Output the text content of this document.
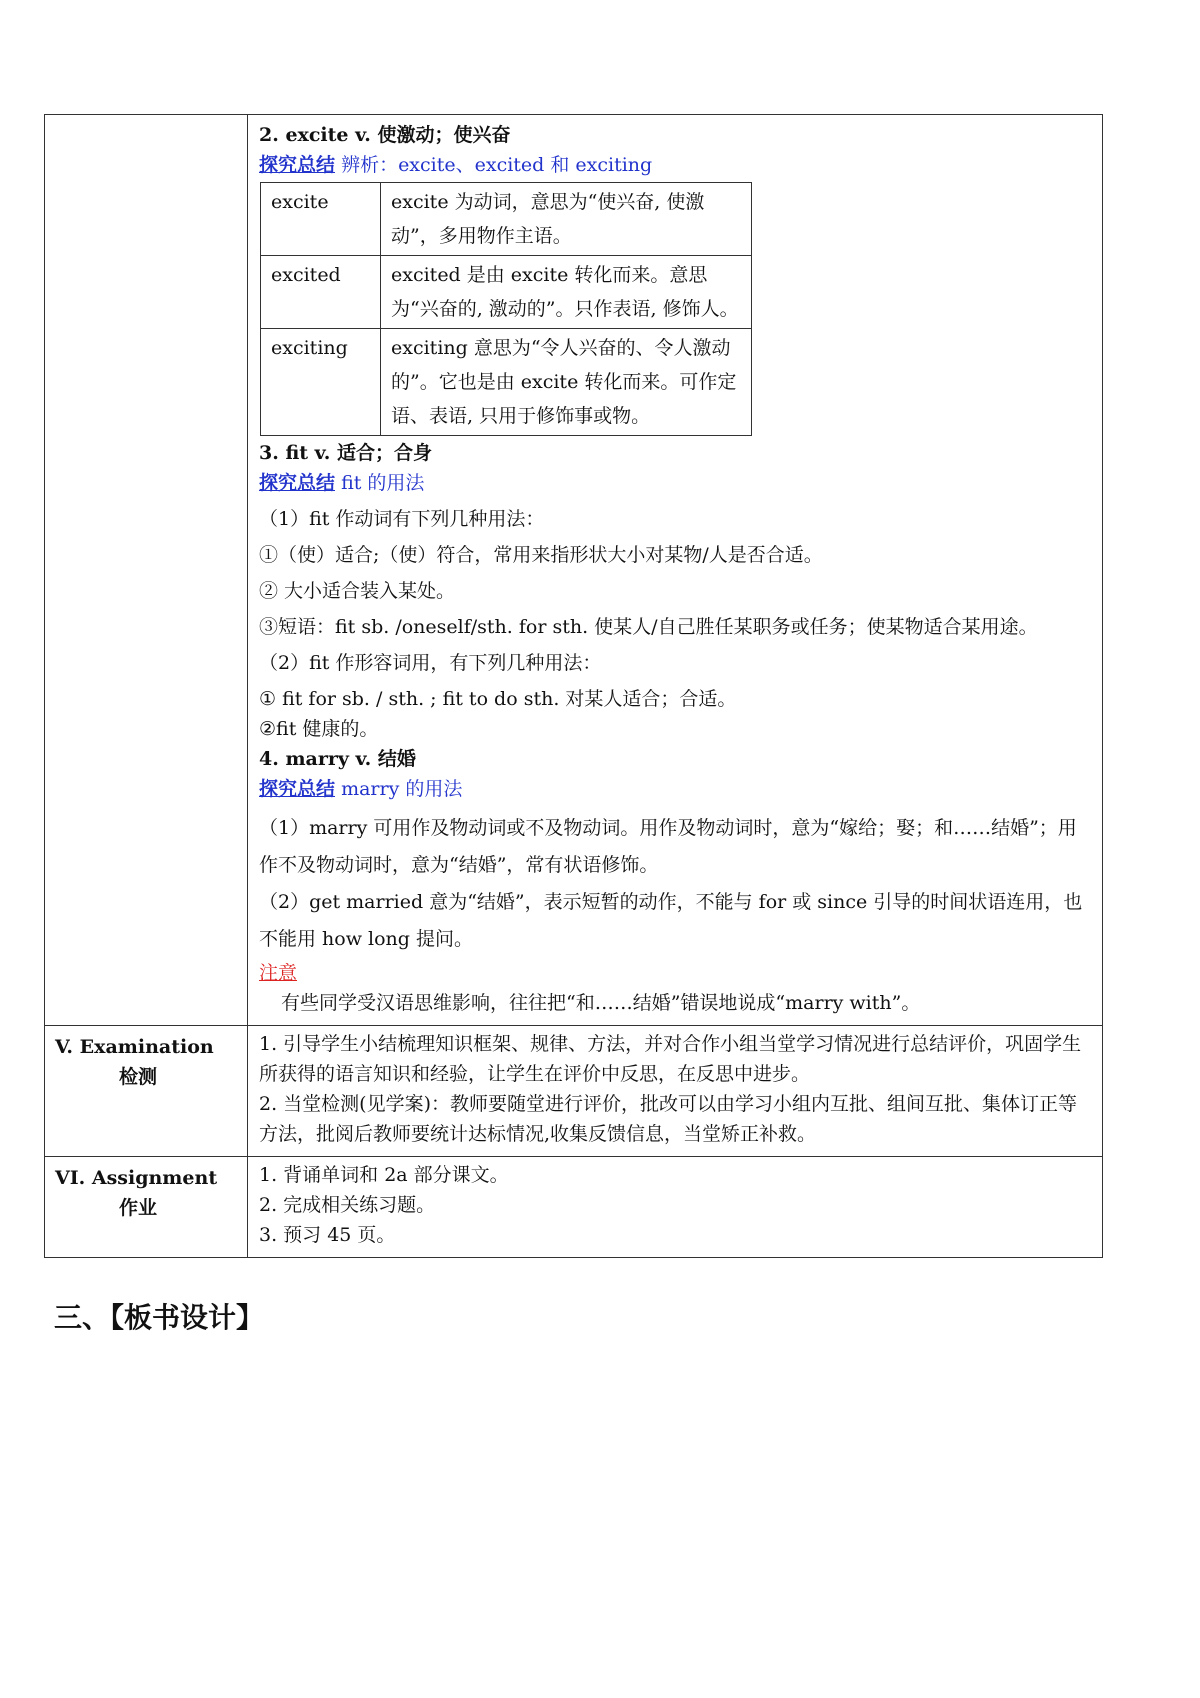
2. excite v. 使激动；使兴奋

探究总结 辨析：excite、excited 和 exciting

excite	excite 为动词，意思为“使兴奋, 使激动”，多用物作主语。
excited	excited 是由 excite 转化而来。意思为“兴奋的, 激动的”。只作表语, 修饰人。
exciting	exciting 意思为“令人兴奋的、令人激动的”。它也是由 excite 转化而来。可作定语、表语, 只用于修饰事或物。

3. fit v. 适合；合身

探究总结 fit 的用法

（1）fit 作动词有下列几种用法：

①（使）适合;（使）符合，常用来指形状大小对某物/人是否合适。

② 大小适合装入某处。

③短语：fit sb. /oneself/sth. for sth. 使某人/自己胜任某职务或任务；使某物适合某用途。

（2）fit 作形容词用，有下列几种用法：

① fit for sb. / sth. ; fit to do sth. 对某人适合；合适。

②fit 健康的。

4. marry v. 结婚

探究总结 marry 的用法

（1）marry 可用作及物动词或不及物动词。用作及物动词时，意为“嫁给；娶；和……结婚”；用作不及物动词时，意为“结婚”，常有状语修饰。

（2）get married 意为“结婚”，表示短暂的动作，不能与 for 或 since 引导的时间状语连用，也不能用 how long 提问。

注意

有些同学受汉语思维影响，往往把“和……结婚”错误地说成“marry with”。

V. Examination
检测

1. 引导学生小结梳理知识框架、规律、方法，并对合作小组当堂学习情况进行总结评价，巩固学生所获得的语言知识和经验，让学生在评价中反思，在反思中进步。

2. 当堂检测(见学案)：教师要随堂进行评价，批改可以由学习小组内互批、组间互批、集体订正等方法，批阅后教师要统计达标情况,收集反馈信息，当堂矫正补救。

VI. Assignment
作业

1. 背诵单词和 2a 部分课文。

2. 完成相关练习题。

3. 预习 45 页。

三、【板书设计】
